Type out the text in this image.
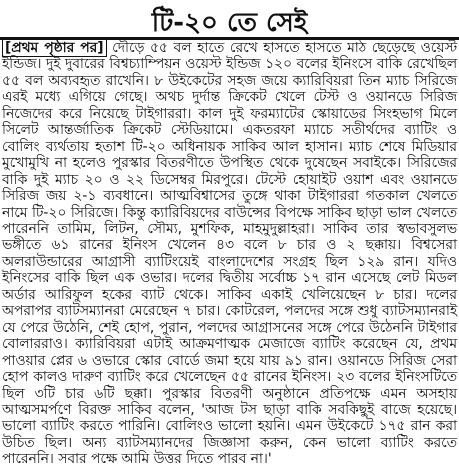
টি-২০ তে সেই
[প্রথম পৃষ্ঠার পর] দৌড়ে ৫৫ বল হাতে রেখে হাসতে হাসতে মাঠ ছেড়েছে ওয়েস্ট ইন্ডিজ। দুই দুবারের বিশ্বচ্যাম্পিয়ন ওয়েস্ট ইন্ডিজ ১২০ বলের ইনিংসে বাকি রেখেছিল ৫৫ বল অব্যবহৃত রাখেনি। ৮ উইকেটের সহজ জয়ে ক্যারিবিয়রা তিন ম্যাচ সিরিজে এরই মধ্যে এগিয়ে গেছে। অথচ দুর্দান্ত ক্রিকেট খেলে টেস্ট ও ওয়ানডে সিরিজ নিজেদের করে নিয়েছে টাইগাররা। কাল দুই ফরম্যাটের স্কোয়াডের সিংহভাগ মিলে সিলেট আন্তর্জাতিক ক্রিকেট স্টেডিয়ামে। একতরফা ম্যাচে সতীর্থদের ব্যাটিং ও বোলিং ব্যর্থতায় হতাশ টি-২০ অধিনায়ক সাকিব আল হাসান। ম্যাচ শেষে মিডিয়ার মুখোমুখি না হলেও পুরস্কার বিতরণীতে উপস্থিত থেকে দুষেছেন সবাইকে। সিরিজের বাকি দুই ম্যাচ ২০ ও ২২ ডিসেম্বর মিরপুরে। টেস্টে হোয়াইট ওয়াশ এবং ওয়ানডে সিরিজ জয় ২-১ ব্যবধানে। আত্মবিশ্বাসের তুঙ্গে থাকা টাইগাররা গতকাল খেলতে নামে টি-২০ সিরিজে। কিন্তু ক্যারিবিয়দের বাউন্সের বিপক্ষে সাকিব ছাড়া ভাল খেলতে পারেননি তামিম, লিটন, সৌম্য, মুশফিক, মাহমুদুল্লাহরা। সাকিব তার স্বভাবসুলভ ভঙ্গীতে ৬১ রানের ইনিংস খেলেন ৪৩ বলে ৮ চার ও ২ ছক্কায়। বিশ্বসেরা অলরাউন্ডারের আগ্রাসী ব্যাটিংয়েই বাংলাদেশের সংগ্রহ ছিল ১২৯ রান। যদিও ইনিংসের বাকি ছিল এক ওভার। দলের দ্বিতীয় সর্বোচ্চ ১৭ রান এসেছে লেট মিডল অর্ডার আরিফুল হকের ব্যাট থেকে। সাকিব একাই খেলিয়েছেন ৮ চার। দলের অপরাপর ব্যাটসম্যানরা মেরেছেন ৭ চার। কোটরেল, পলদের সঙ্গে শুধু ব্যাটসম্যানরাই যে পেরে উঠেনি, শেই হোপ, পুরান, পলদের আগ্রাসনের সঙ্গে পেরে উঠেননি টাইগার বোলাররাও। ক্যারিবিয়রা এটাই আক্রমণাত্মক মেজাজে ব্যাটিং করেছেন যে, প্রথম পাওয়ার প্লের ৬ ওভারে স্কোর বোর্ডে জমা হয়ে যায় ৯১ রান। ওয়ানডে সিরিজ সেরা হোপ কালও দারুণ ব্যাটিং করে খেলেছেন ৫৫ রানের ইনিংস। ২৩ বলের ইনিংসটিতে ছিল ৩টি চার ৬টি ছক্কা। পুরস্কার বিতরণী অনুষ্ঠানে প্রতিপক্ষে এমন অসহায় আত্মসমর্পণে বিরক্ত সাকিব বলেন, 'আজ টস ছাড়া বাকি সবকিছুই বাজে হয়েছে। ভালো ব্যাটিং করতে পারিনি। বোলিংও ভালো হয়নি। এমন উইকেটে ১৭৫ রান করা উচিত ছিল। অন্য ব্যাটসম্যানদের জিজ্ঞাসা করুন, কেন ভালো ব্যাটিং করতে পারেননি। সবার পক্ষে আমি উত্তর দিতে পারব না।'
